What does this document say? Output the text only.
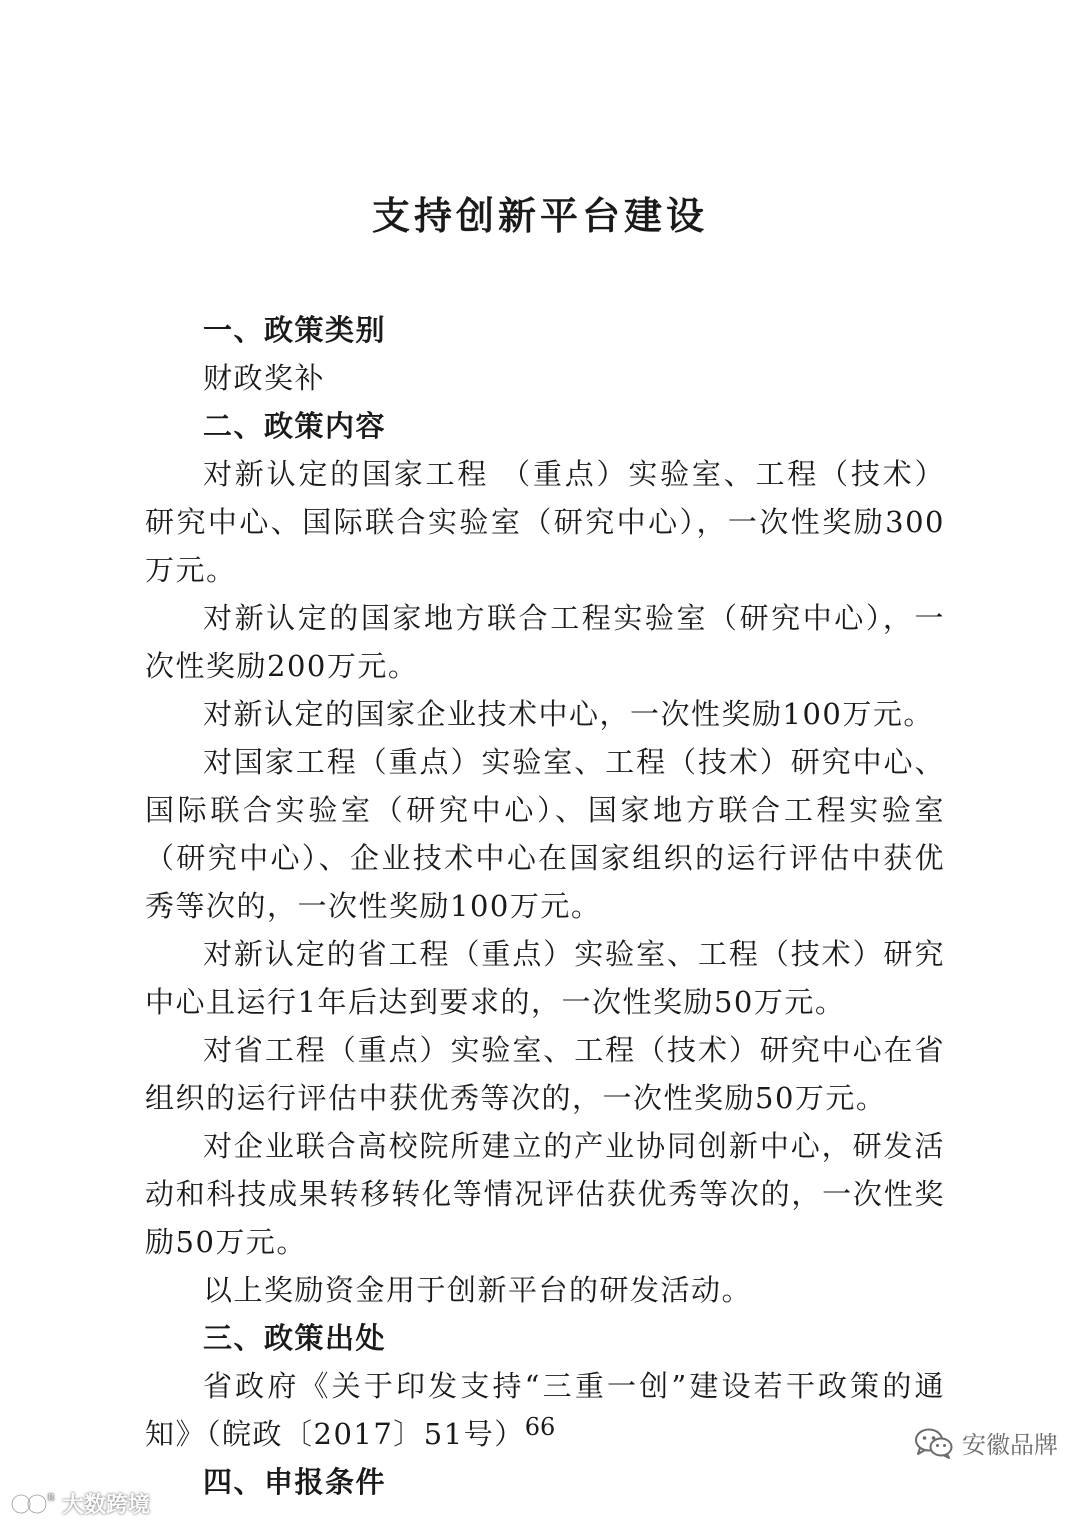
支持创新平台建设

一、政策类别

财政奖补

二、政策内容

对新认定的国家工程 （重点）实验室、工程（技术）研究中心、国际联合实验室（研究中心），一次性奖励300万元。

对新认定的国家地方联合工程实验室（研究中心），一次性奖励200万元。

对新认定的国家企业技术中心，一次性奖励100万元。

对国家工程（重点）实验室、工程（技术）研究中心、国际联合实验室（研究中心）、国家地方联合工程实验室（研究中心）、企业技术中心在国家组织的运行评估中获优秀等次的，一次性奖励100万元。

对新认定的省工程（重点）实验室、工程（技术）研究中心且运行1年后达到要求的，一次性奖励50万元。

对省工程（重点）实验室、工程（技术）研究中心在省组织的运行评估中获优秀等次的，一次性奖励50万元。

对企业联合高校院所建立的产业协同创新中心，研发活动和科技成果转移转化等情况评估获优秀等次的，一次性奖励50万元。

以上奖励资金用于创新平台的研发活动。

三、政策出处

省政府《关于印发支持“三重一创”建设若干政策的通知》（皖政〔2017〕51号）

四、申报条件

66
安徽品牌
R 大数跨境
